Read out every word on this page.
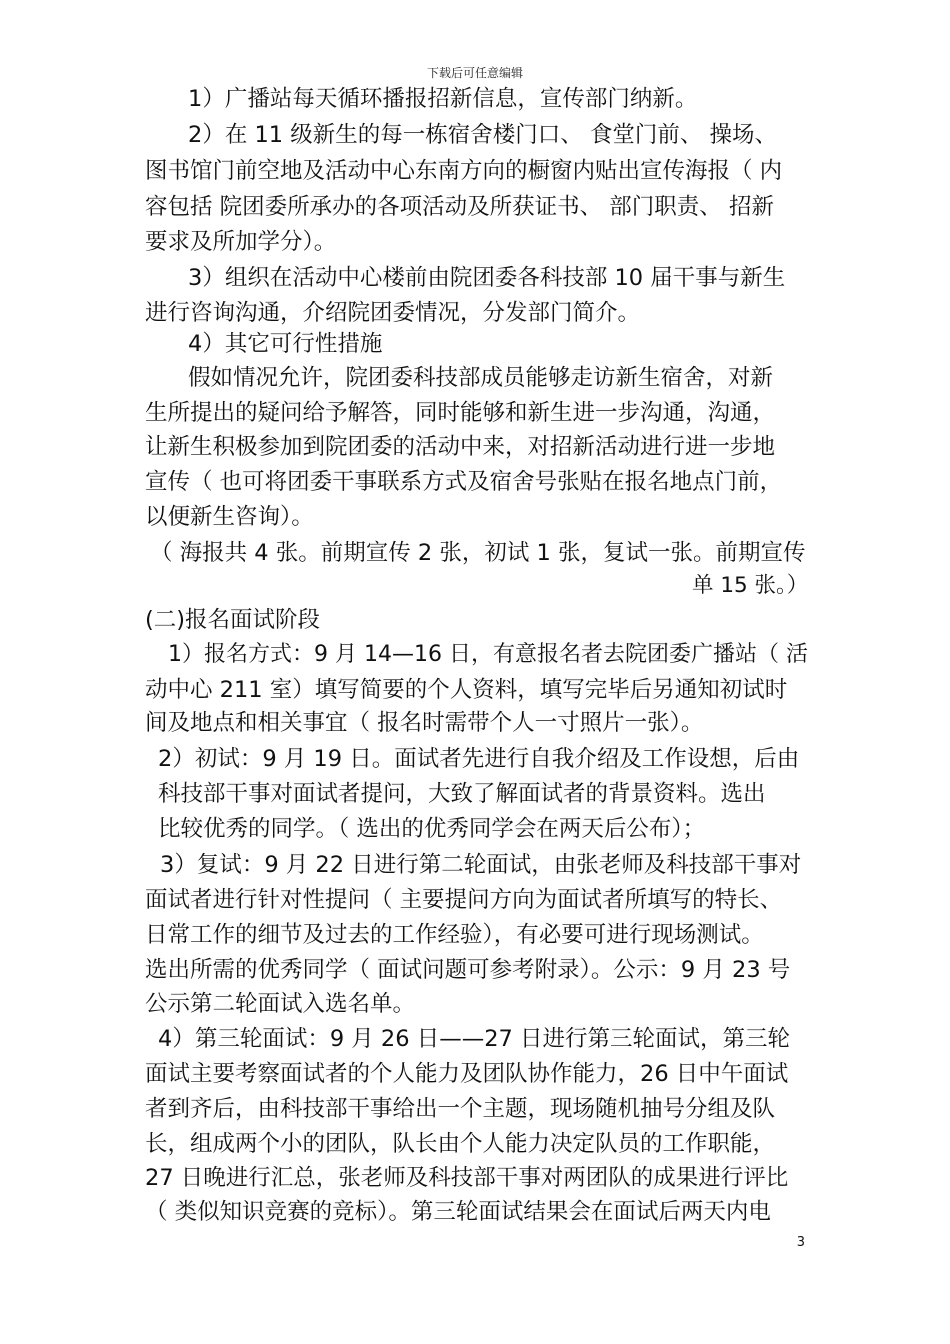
下载后可任意编辑
1）广播站每天循环播报招新信息，宣传部门纳新。
2）在 11 级新生的每一栋宿舍楼门口、 食堂门前、 操场、
图书馆门前空地及活动中心东南方向的橱窗内贴出宣传海报（ 内
容包括 院团委所承办的各项活动及所获证书、 部门职责、 招新
要求及所加学分）。
3）组织在活动中心楼前由院团委各科技部 10 届干事与新生
进行咨询沟通，介绍院团委情况，分发部门简介。
4）其它可行性措施
假如情况允许，院团委科技部成员能够走访新生宿舍，对新
生所提出的疑问给予解答，同时能够和新生进一步沟通，沟通，
让新生积极参加到院团委的活动中来，对招新活动进行进一步地
宣传（ 也可将团委干事联系方式及宿舍号张贴在报名地点门前，
以便新生咨询）。
（ 海报共 4 张。前期宣传 2 张，初试 1 张，复试一张。前期宣传
单 15 张。）
(二)报名面试阶段
1）报名方式：9 月 14—16 日，有意报名者去院团委广播站（ 活
动中心 211 室）填写简要的个人资料，填写完毕后另通知初试时
间及地点和相关事宜（ 报名时需带个人一寸照片一张）。
2）初试：9 月 19 日。面试者先进行自我介绍及工作设想，后由
科技部干事对面试者提问，大致了解面试者的背景资料。选出
比较优秀的同学。（ 选出的优秀同学会在两天后公布）；
3）复试：9 月 22 日进行第二轮面试，由张老师及科技部干事对
面试者进行针对性提问（ 主要提问方向为面试者所填写的特长、
日常工作的细节及过去的工作经验），有必要可进行现场测试。
选出所需的优秀同学（ 面试问题可参考附录）。公示：9 月 23 号
公示第二轮面试入选名单。
4）第三轮面试：9 月 26 日——27 日进行第三轮面试，第三轮
面试主要考察面试者的个人能力及团队协作能力，26 日中午面试
者到齐后，由科技部干事给出一个主题，现场随机抽号分组及队
长，组成两个小的团队，队长由个人能力决定队员的工作职能，
27 日晚进行汇总，张老师及科技部干事对两团队的成果进行评比
（ 类似知识竞赛的竞标）。第三轮面试结果会在面试后两天内电
3
